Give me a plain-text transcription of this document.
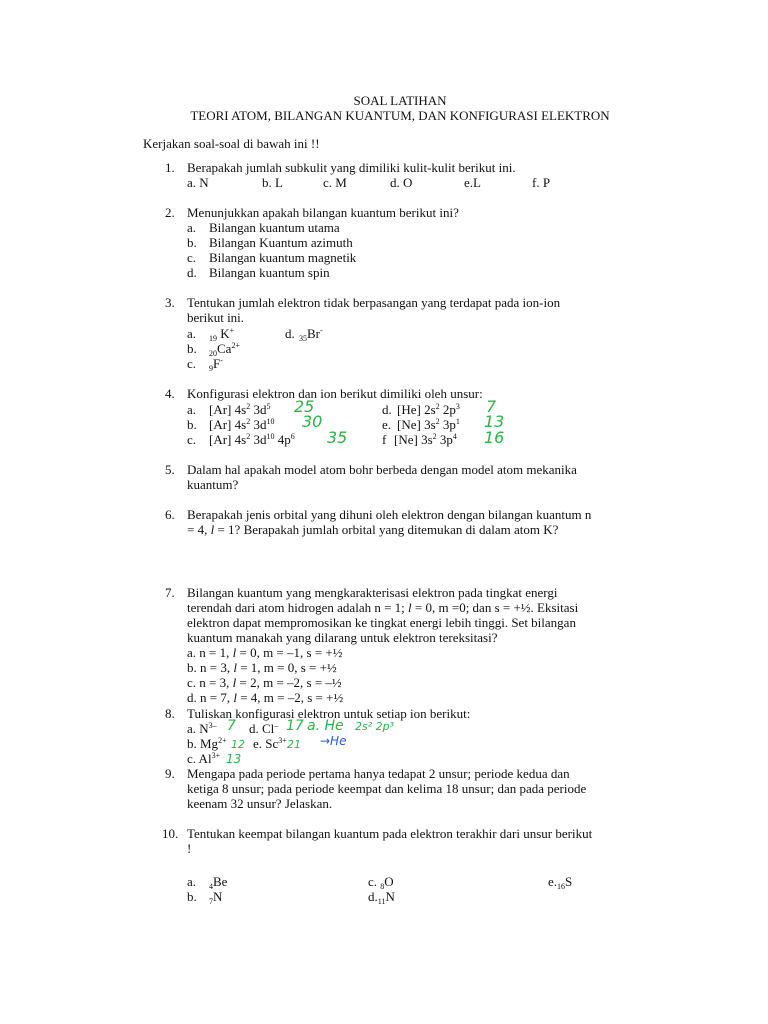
SOAL LATIHAN
TEORI ATOM, BILANGAN KUANTUM, DAN KONFIGURASI ELEKTRON
Kerjakan soal-soal di bawah ini !!
1. Berapakah jumlah subkulit yang dimiliki kulit-kulit berikut ini.
a. N	b. L	c. M	d. O	e.L	f. P
2. Menunjukkan apakah bilangan kuantum berikut ini?
a. Bilangan kuantum utama
b. Bilangan Kuantum azimuth
c. Bilangan kuantum magnetik
d. Bilangan kuantum spin
3. Tentukan jumlah elektron tidak berpasangan yang terdapat pada ion-ion
berikut ini.
a. $_{19}$ K+	d. $_{35}$Br-
b. $_{20}Ca^{2+}$
c. $_9$F-
4. Konfigurasi elektron dan ion berikut dimiliki oleh unsur:
a. [Ar] $4s^2$ $3d^5$ 25
b. [Ar] $4s^2$ $3d^{10}$ 30
c. [Ar] $4s^2$ $3d^{10}$ $4p^6$ 35
d. [He] $2s^2$ $2p^3$ 7
e. [Ne] $3s^2$ $3p^1$ 13
f [Ne] $3s^2$ $3p^4$ 16
5. Dalam hal apakah model atom bohr berbeda dengan model atom mekanika
kuantum?
6. Berapakah jenis orbital yang dihuni oleh elektron dengan bilangan kuantum n
= 4, l = 1? Berapakah jumlah orbital yang ditemukan di dalam atom K?
7. Bilangan kuantum yang mengkarakterisasi elektron pada tingkat energi
terendah dari atom hidrogen adalah n = 1; l = 0, m =0; dan s = +½. Eksitasi
elektron dapat mempromosikan ke tingkat energi lebih tinggi. Set bilangan
kuantum manakah yang dilarang untuk elektron tereksitasi?
a. n = 1, l = 0, m = –1, s = +½
b. n = 3, l = 1, m = 0, s = +½
c. n = 3, l = 2, m = –2, s = –½
d. n = 7, l = 4, m = –2, s = +½
8. Tuliskan konfigurasi elektron untuk setiap ion berikut:
a. $N^{3-}$ 7 d. Cl– 17 a. He 2s² 2p³
b. $Mg^{2+}$ 12 e. $Sc^{3+}$ 21 →He
c. $Al^{3+}$ 13
9. Mengapa pada periode pertama hanya tedapat 2 unsur; periode kedua dan
ketiga 8 unsur; pada periode keempat dan kelima 18 unsur; dan pada periode
keenam 32 unsur? Jelaskan.
10. Tentukan keempat bilangan kuantum pada elektron terakhir dari unsur berikut
!
a. $_4$Be	c. $_8$O	$e._{16}S$
b. $_7$N	$d._{11}N$
